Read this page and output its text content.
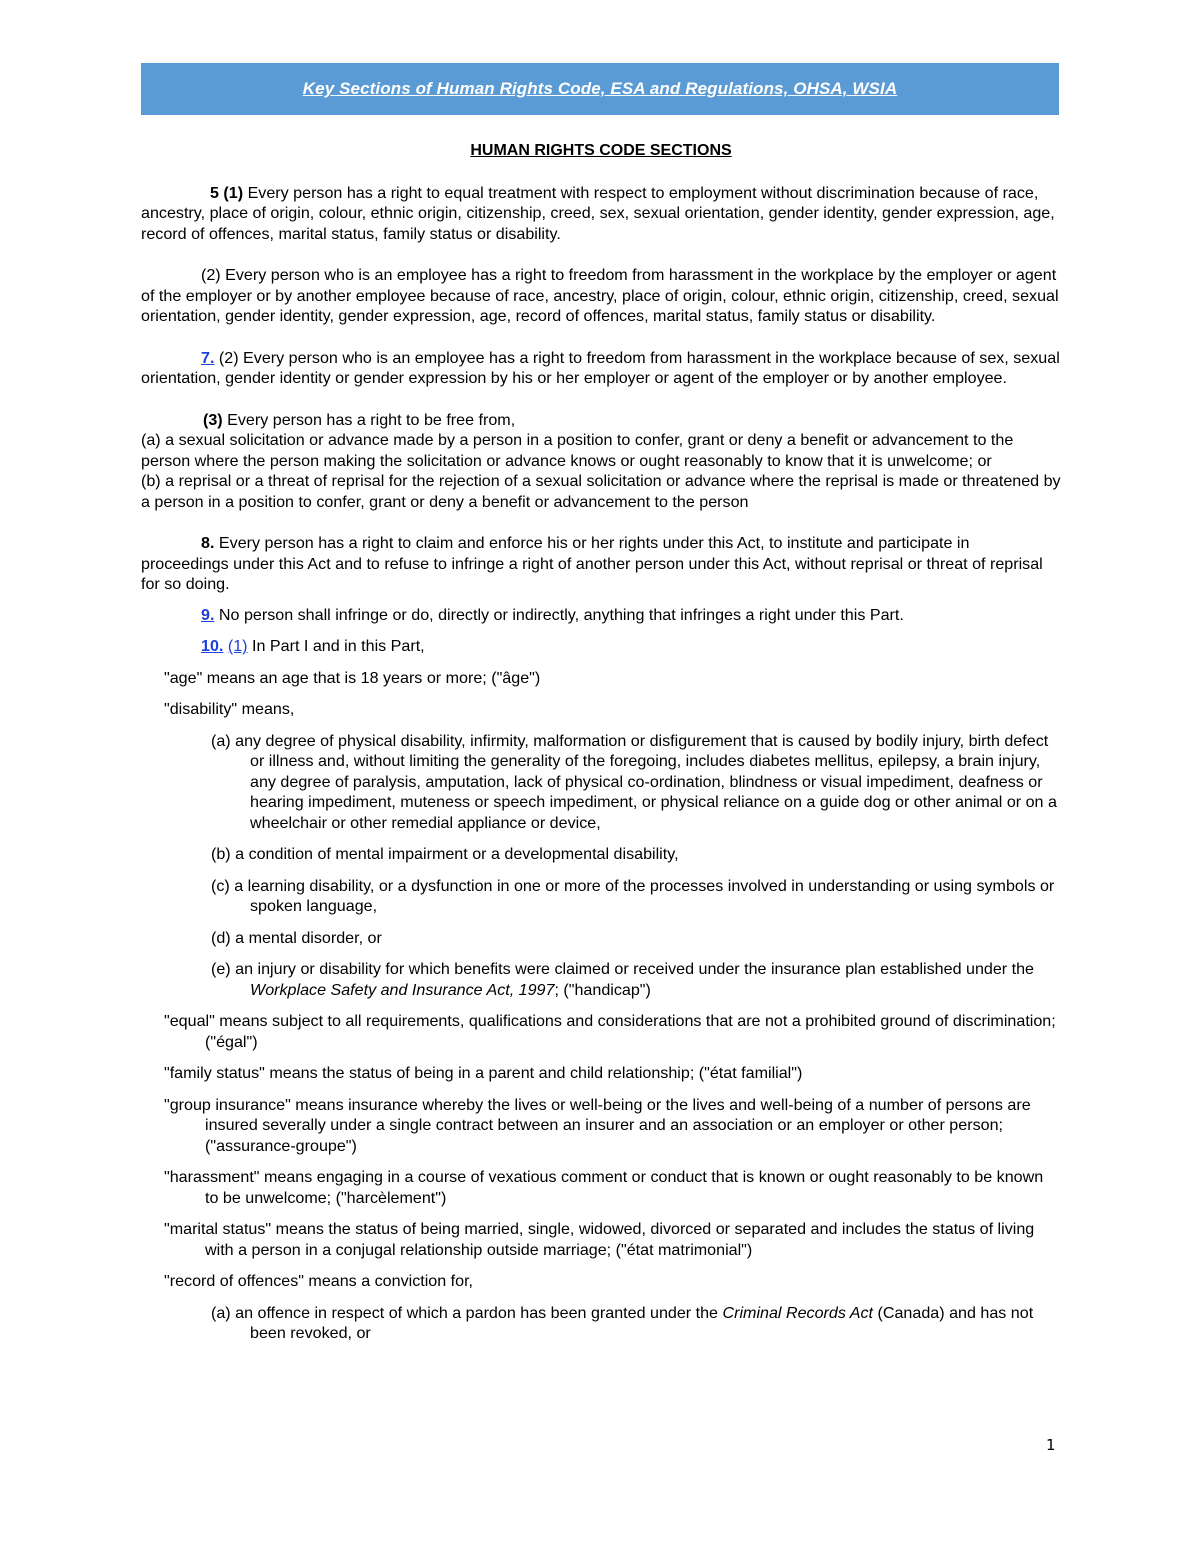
Key Sections of Human Rights Code, ESA and Regulations, OHSA, WSIA

HUMAN RIGHTS CODE SECTIONS

5 (1) Every person has a right to equal treatment with respect to employment without discrimination because of race, ancestry, place of origin, colour, ethnic origin, citizenship, creed, sex, sexual orientation, gender identity, gender expression, age, record of offences, marital status, family status or disability.

(2) Every person who is an employee has a right to freedom from harassment in the workplace by the employer or agent of the employer or by another employee because of race, ancestry, place of origin, colour, ethnic origin, citizenship, creed, sexual orientation, gender identity, gender expression, age, record of offences, marital status, family status or disability.

7. (2) Every person who is an employee has a right to freedom from harassment in the workplace because of sex, sexual orientation, gender identity or gender expression by his or her employer or agent of the employer or by another employee.

(3) Every person has a right to be free from,

(a) a sexual solicitation or advance made by a person in a position to confer, grant or deny a benefit or advancement to the person where the person making the solicitation or advance knows or ought reasonably to know that it is unwelcome; or

(b) a reprisal or a threat of reprisal for the rejection of a sexual solicitation or advance where the reprisal is made or threatened by a person in a position to confer, grant or deny a benefit or advancement to the person

8. Every person has a right to claim and enforce his or her rights under this Act, to institute and participate in proceedings under this Act and to refuse to infringe a right of another person under this Act, without reprisal or threat of reprisal for so doing.

9. No person shall infringe or do, directly or indirectly, anything that infringes a right under this Part.

10. (1) In Part I and in this Part,

"age" means an age that is 18 years or more; ("âge")

"disability" means,

(a) any degree of physical disability, infirmity, malformation or disfigurement that is caused by bodily injury, birth defect or illness and, without limiting the generality of the foregoing, includes diabetes mellitus, epilepsy, a brain injury, any degree of paralysis, amputation, lack of physical co-ordination, blindness or visual impediment, deafness or hearing impediment, muteness or speech impediment, or physical reliance on a guide dog or other animal or on a wheelchair or other remedial appliance or device,

(b) a condition of mental impairment or a developmental disability,

(c) a learning disability, or a dysfunction in one or more of the processes involved in understanding or using symbols or spoken language,

(d) a mental disorder, or

(e) an injury or disability for which benefits were claimed or received under the insurance plan established under the Workplace Safety and Insurance Act, 1997; ("handicap")

"equal" means subject to all requirements, qualifications and considerations that are not a prohibited ground of discrimination; ("égal")

"family status" means the status of being in a parent and child relationship; ("état familial")

"group insurance" means insurance whereby the lives or well-being or the lives and well-being of a number of persons are insured severally under a single contract between an insurer and an association or an employer or other person; ("assurance-groupe")

"harassment" means engaging in a course of vexatious comment or conduct that is known or ought reasonably to be known to be unwelcome; ("harcèlement")

"marital status" means the status of being married, single, widowed, divorced or separated and includes the status of living with a person in a conjugal relationship outside marriage; ("état matrimonial")

"record of offences" means a conviction for,

(a) an offence in respect of which a pardon has been granted under the Criminal Records Act (Canada) and has not been revoked, or

1
